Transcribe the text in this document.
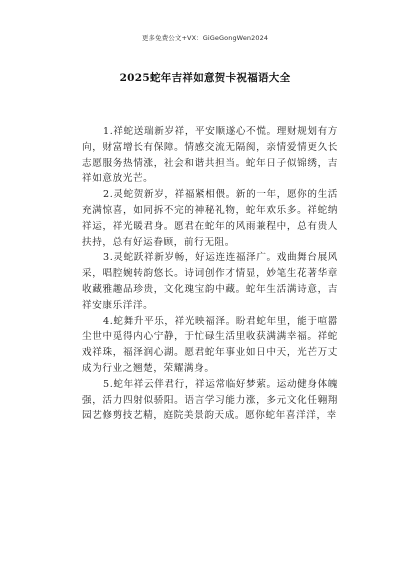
更多免费公文+VX：GiGeGongWen2024
2025蛇年吉祥如意贺卡祝福语大全

1.祥蛇送瑞新岁祥，平安顺遂心不慌。理财规划有方向，财富增长有保障。情感交流无隔阂，亲情爱情更久长志愿服务热情涨，社会和谐共担当。蛇年日子似锦绣，吉祥如意放光芒。

2.灵蛇贺新岁，祥福紧相偎。新的一年，愿你的生活充满惊喜，如同拆不完的神秘礼物，蛇年欢乐多。祥蛇纳祥运，祥光暖君身。愿君在蛇年的风雨兼程中，总有贵人扶持，总有好运眷顾，前行无阻。

3.灵蛇跃祥新岁畅，好运连连福泽广。戏曲舞台展风采，唱腔婉转韵悠长。诗词创作才情显，妙笔生花著华章收藏雅趣品珍贵，文化瑰宝韵中藏。蛇年生活满诗意，吉祥安康乐洋洋。

4.蛇舞升平乐，祥光映福泽。盼君蛇年里，能于喧嚣尘世中觅得内心宁静，于忙碌生活里收获满满幸福。祥蛇戏祥珠，福泽润心湖。愿君蛇年事业如日中天，光芒万丈成为行业之翘楚，荣耀满身。

5.蛇年祥云伴君行，祥运常临好梦萦。运动健身体魄强，活力四射似骄阳。语言学习能力涨，多元文化任翱翔园艺修剪技艺精，庭院美景韵天成。愿你蛇年喜洋洋，幸
